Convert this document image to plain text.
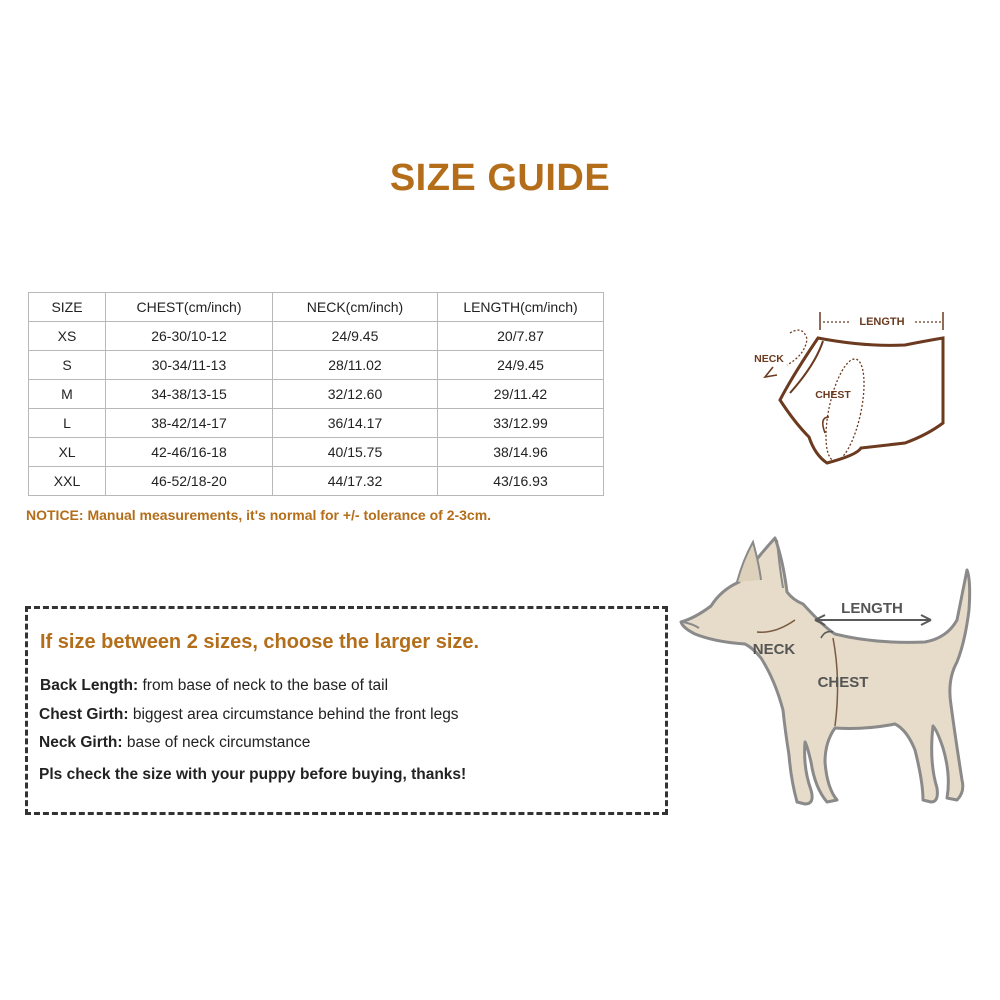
SIZE GUIDE
SIZE	CHEST(cm/inch)	NECK(cm/inch)	LENGTH(cm/inch)
XS	26-30/10-12	24/9.45	20/7.87
S	30-34/11-13	28/11.02	24/9.45
M	34-38/13-15	32/12.60	29/11.42
L	38-42/14-17	36/14.17	33/12.99
XL	42-46/16-18	40/15.75	38/14.96
XXL	46-52/18-20	44/17.32	43/16.93
NOTICE: Manual measurements, it's normal for +/- tolerance of 2-3cm.
LENGTH
NECK
CHEST
If size between 2 sizes, choose the larger size.
Back Length: from base of neck to the base of tail
Chest Girth: biggest area circumstance behind the front legs
Neck Girth: base of neck circumstance
Pls check the size with your puppy before buying, thanks!
LENGTH
NECK
CHEST
